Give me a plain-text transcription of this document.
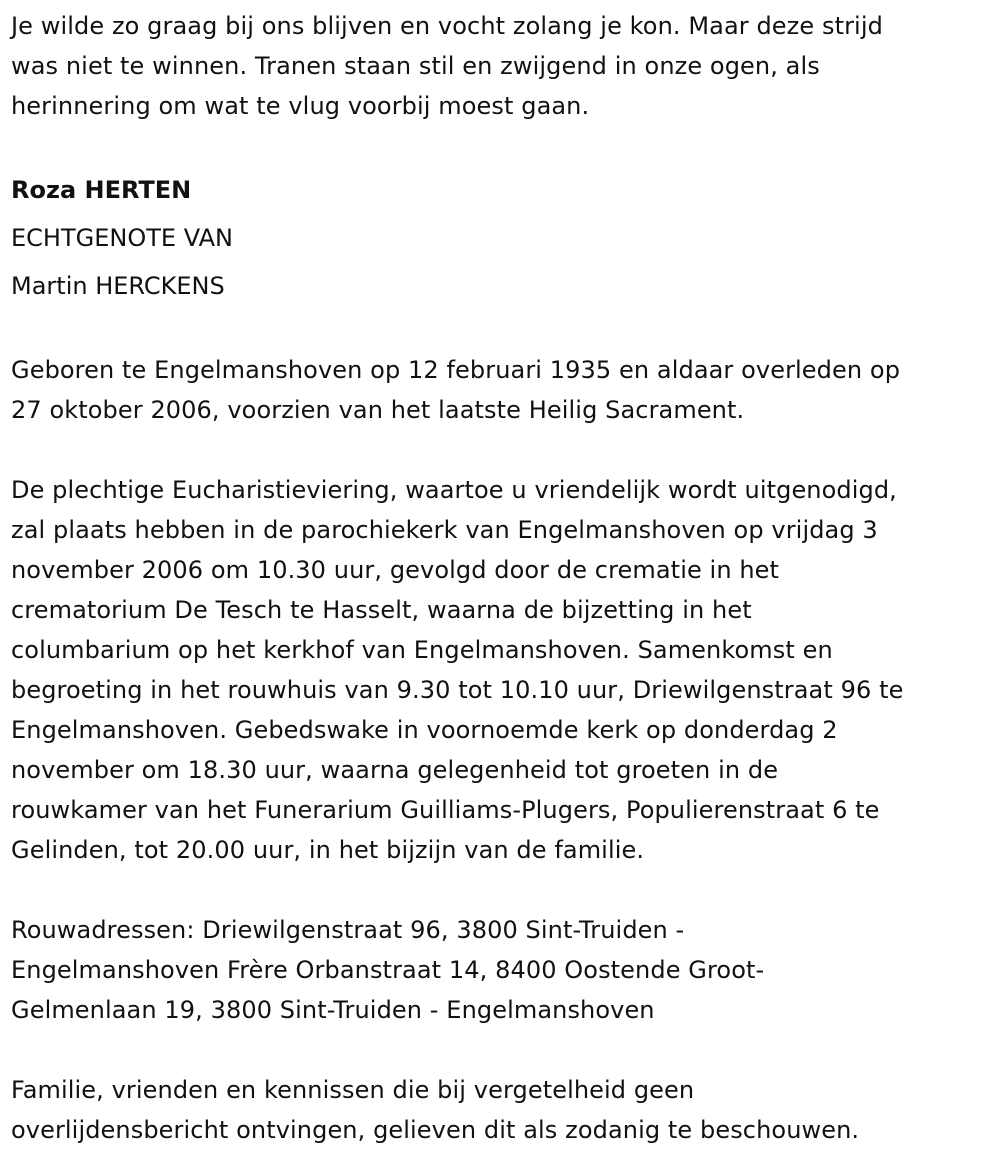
Je wilde zo graag bij ons blijven en vocht zolang je kon. Maar deze strijd
was niet te winnen. Tranen staan stil en zwijgend in onze ogen, als
herinnering om wat te vlug voorbij moest gaan.

Roza HERTEN

ECHTGENOTE VAN

Martin HERCKENS

Geboren te Engelmanshoven op 12 februari 1935 en aldaar overleden op
27 oktober 2006, voorzien van het laatste Heilig Sacrament.

De plechtige Eucharistieviering, waartoe u vriendelijk wordt uitgenodigd,
zal plaats hebben in de parochiekerk van Engelmanshoven op vrijdag 3
november 2006 om 10.30 uur, gevolgd door de crematie in het
crematorium De Tesch te Hasselt, waarna de bijzetting in het
columbarium op het kerkhof van Engelmanshoven. Samenkomst en
begroeting in het rouwhuis van 9.30 tot 10.10 uur, Driewilgenstraat 96 te
Engelmanshoven. Gebedswake in voornoemde kerk op donderdag 2
november om 18.30 uur, waarna gelegenheid tot groeten in de
rouwkamer van het Funerarium Guilliams-Plugers, Populierenstraat 6 te
Gelinden, tot 20.00 uur, in het bijzijn van de familie.

Rouwadressen: Driewilgenstraat 96, 3800 Sint-Truiden -
Engelmanshoven Frère Orbanstraat 14, 8400 Oostende Groot-
Gelmenlaan 19, 3800 Sint-Truiden - Engelmanshoven

Familie, vrienden en kennissen die bij vergetelheid geen
overlijdensbericht ontvingen, gelieven dit als zodanig te beschouwen.
